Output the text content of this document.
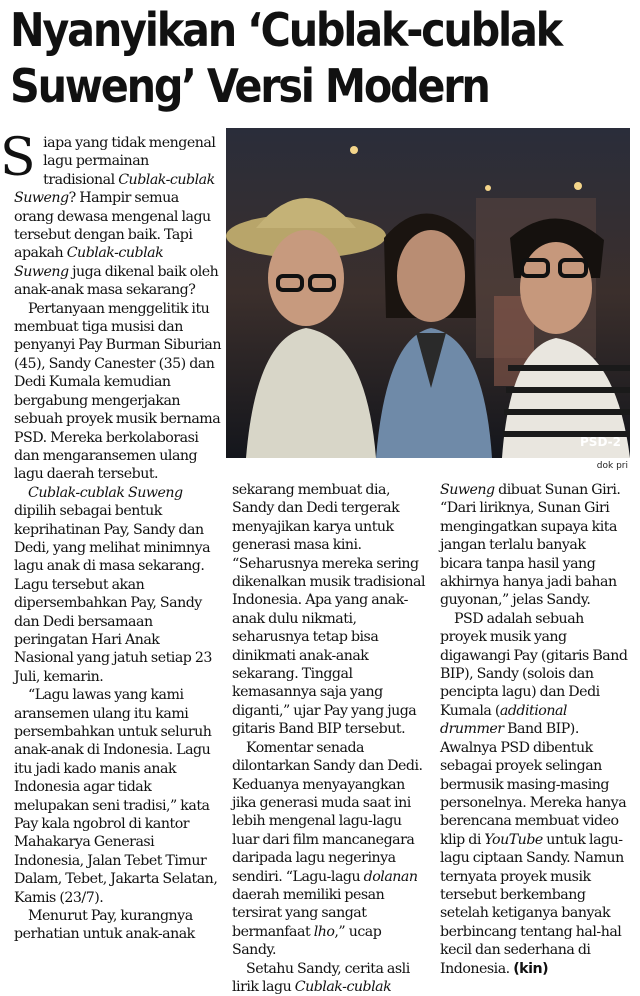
Nyanyikan ‘Cublak-cublak
Suweng’ Versi Modern
PSD-2
dok pri

Siapa yang tidak mengenal lagu permainan tradisional Cublak-cublak Suweng? Hampir semua orang dewasa mengenal lagu tersebut dengan baik. Tapi apakah Cublak-cublak Suweng juga dikenal baik oleh anak-anak masa sekarang?

Pertanyaan menggelitik itu membuat tiga musisi dan penyanyi Pay Burman Siburian (45), Sandy Canester (35) dan Dedi Kumala kemudian bergabung mengerjakan sebuah proyek musik bernama PSD. Mereka berkolaborasi dan mengaransemen ulang lagu daerah tersebut.

Cublak-cublak Suweng dipilih sebagai bentuk keprihatinan Pay, Sandy dan Dedi, yang melihat minimnya lagu anak di masa sekarang. Lagu tersebut akan dipersembahkan Pay, Sandy dan Dedi bersamaan peringatan Hari Anak Nasional yang jatuh setiap 23 Juli, kemarin.

“Lagu lawas yang kami aransemen ulang itu kami persembahkan untuk seluruh anak-anak di Indonesia. Lagu itu jadi kado manis anak Indonesia agar tidak melupakan seni tradisi,” kata Pay kala ngobrol di kantor Mahakarya Generasi Indonesia, Jalan Tebet Timur Dalam, Tebet, Jakarta Selatan, Kamis (23/7).

Menurut Pay, kurangnya perhatian untuk anak-anak

sekarang membuat dia, Sandy dan Dedi tergerak menyajikan karya untuk generasi masa kini. “Seharusnya mereka sering dikenalkan musik tradisional Indonesia. Apa yang anak-anak dulu nikmati, seharusnya tetap bisa dinikmati anak-anak sekarang. Tinggal kemasannya saja yang diganti,” ujar Pay yang juga gitaris Band BIP tersebut.

Komentar senada dilontarkan Sandy dan Dedi. Keduanya menyayangkan jika generasi muda saat ini lebih mengenal lagu-lagu luar dari film mancanegara daripada lagu negerinya sendiri. “Lagu-lagu dolanan daerah memiliki pesan tersirat yang sangat bermanfaat lho,” ucap Sandy.

Setahu Sandy, cerita asli lirik lagu Cublak-cublak

Suweng dibuat Sunan Giri. “Dari liriknya, Sunan Giri mengingatkan supaya kita jangan terlalu banyak bicara tanpa hasil yang akhirnya hanya jadi bahan guyonan,” jelas Sandy.

PSD adalah sebuah proyek musik yang digawangi Pay (gitaris Band BIP), Sandy (solois dan pencipta lagu) dan Dedi Kumala (additional drummer Band BIP). Awalnya PSD dibentuk sebagai proyek selingan bermusik masing-masing personelnya. Mereka hanya berencana membuat video klip di YouTube untuk lagu-lagu ciptaan Sandy. Namun ternyata proyek musik tersebut berkembang setelah ketiganya banyak berbincang tentang hal-hal kecil dan sederhana di Indonesia. (kin)
